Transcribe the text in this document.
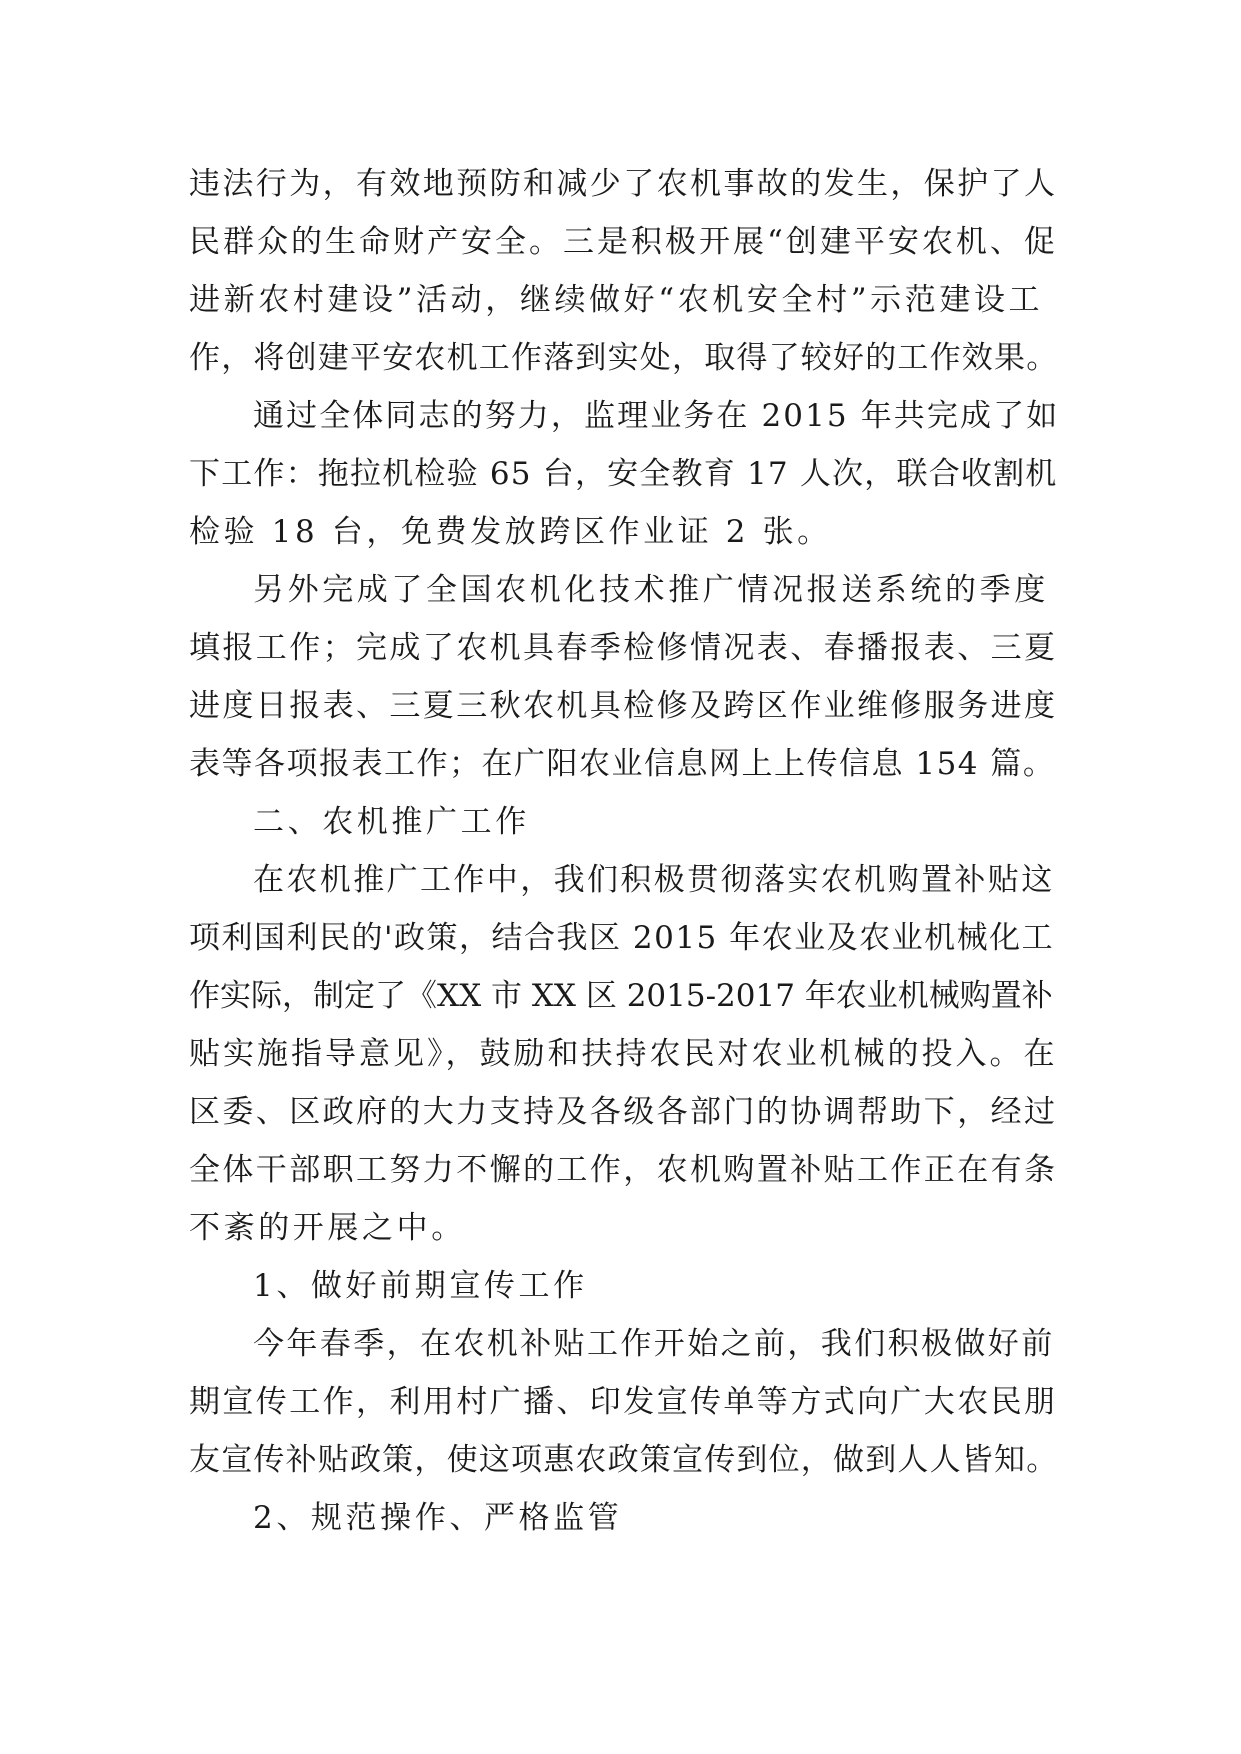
违法行为，有效地预防和减少了农机事故的发生，保护了人
民群众的生命财产安全。三是积极开展“创建平安农机、促
进新农村建设”活动，继续做好“农机安全村”示范建设工
作，将创建平安农机工作落到实处，取得了较好的工作效果。
通过全体同志的努力，监理业务在 2015 年共完成了如
下工作：拖拉机检验 65 台，安全教育 17 人次，联合收割机
检验 18 台，免费发放跨区作业证 2 张。
另外完成了全国农机化技术推广情况报送系统的季度
填报工作；完成了农机具春季检修情况表、春播报表、三夏
进度日报表、三夏三秋农机具检修及跨区作业维修服务进度
表等各项报表工作；在广阳农业信息网上上传信息 154 篇。
二、农机推广工作
在农机推广工作中，我们积极贯彻落实农机购置补贴这
项利国利民的'政策，结合我区 2015 年农业及农业机械化工
作实际，制定了《XX 市 XX 区 2015-2017 年农业机械购置补
贴实施指导意见》，鼓励和扶持农民对农业机械的投入。在
区委、区政府的大力支持及各级各部门的协调帮助下，经过
全体干部职工努力不懈的工作，农机购置补贴工作正在有条
不紊的开展之中。
1、做好前期宣传工作
今年春季，在农机补贴工作开始之前，我们积极做好前
期宣传工作，利用村广播、印发宣传单等方式向广大农民朋
友宣传补贴政策，使这项惠农政策宣传到位，做到人人皆知。
2、规范操作、严格监管
